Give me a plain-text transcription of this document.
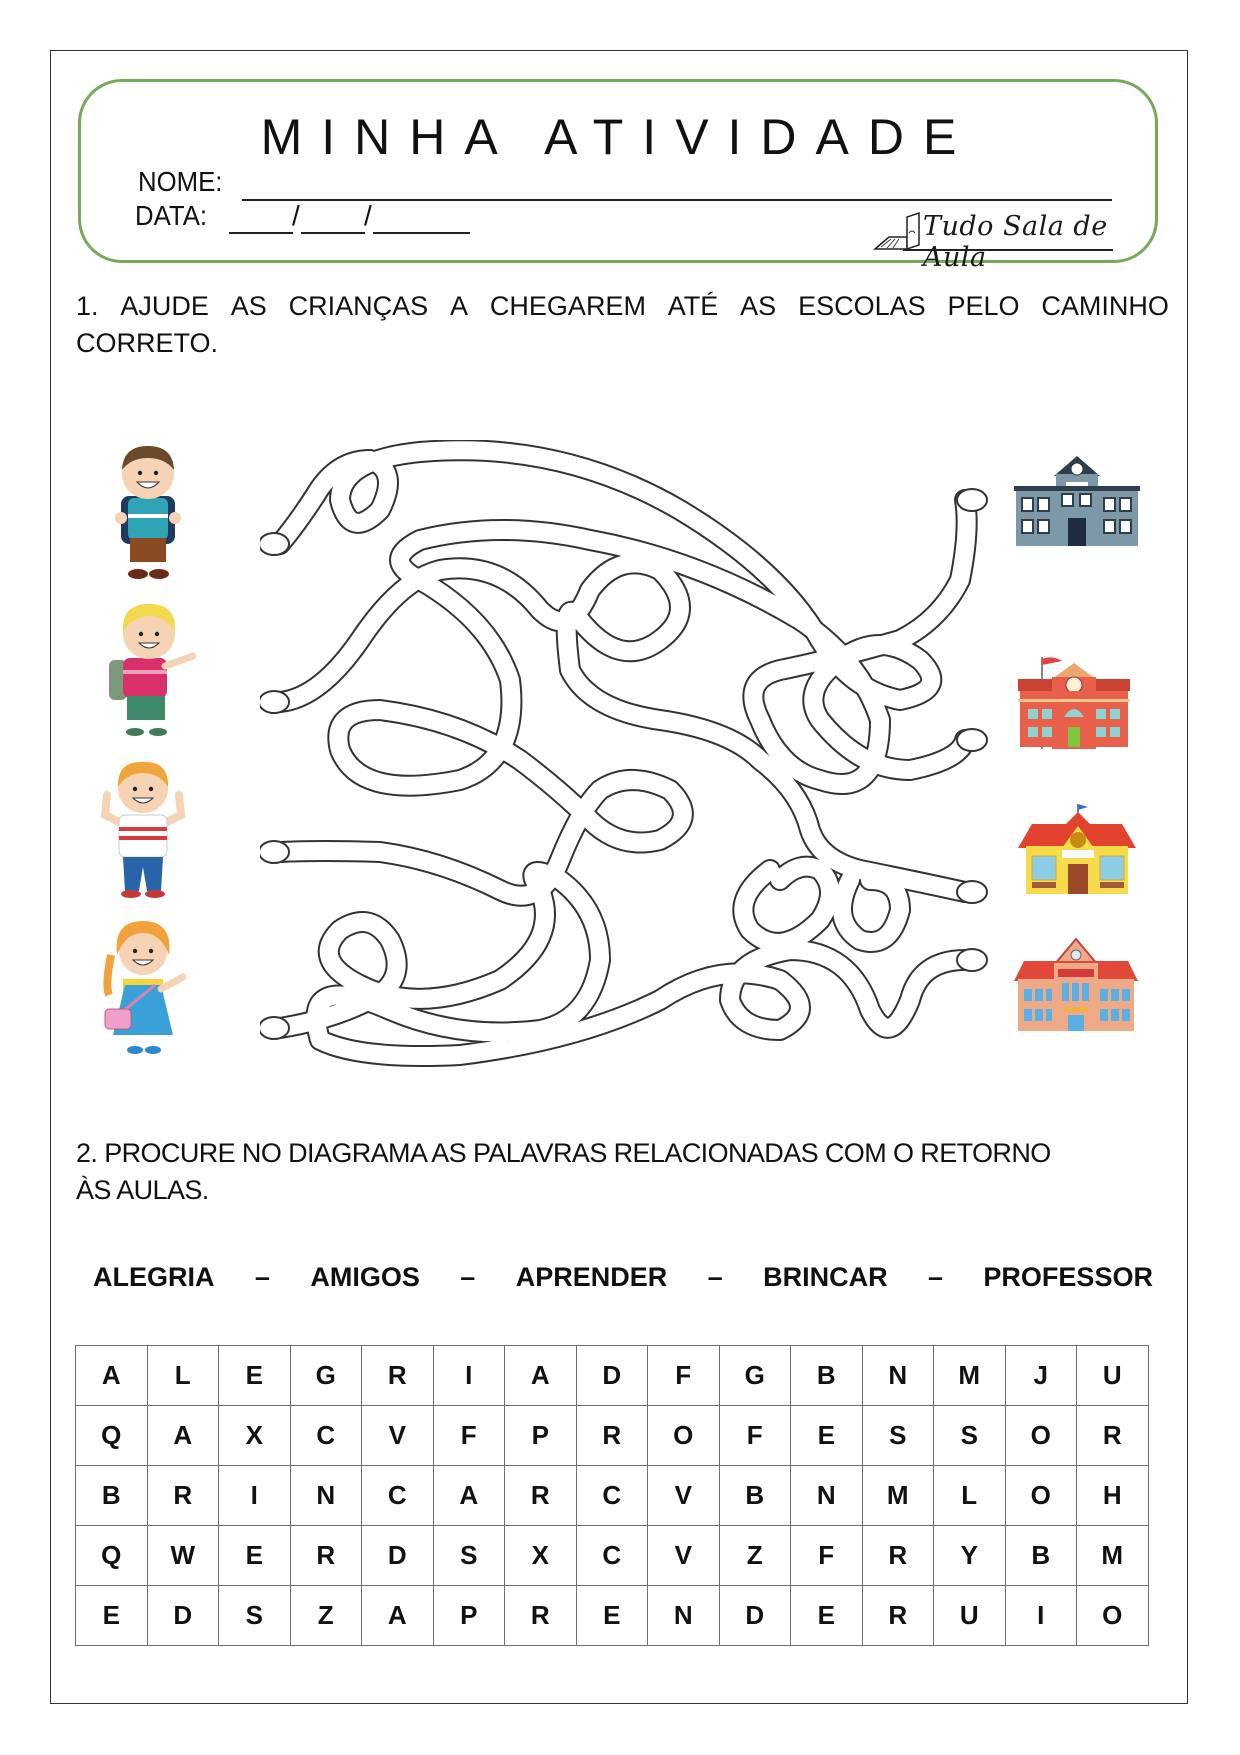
MINHA ATIVIDADE
NOME:
DATA:	/ /	Tudo Sala de Aula
1. AJUDE AS CRIANÇAS A CHEGAREM ATÉ AS ESCOLAS PELO CAMINHO
CORRETO.
2. PROCURE NO DIAGRAMA AS PALAVRAS RELACIONADAS COM O RETORNO
ÀS AULAS.
ALEGRIA – AMIGOS – APRENDER – BRINCAR – PROFESSOR
A	L	E	G	R	I	A	D	F	G	B	N	M	J	U
Q	A	X	C	V	F	P	R	O	F	E	S	S	O	R
B	R	I	N	C	A	R	C	V	B	N	M	L	O	H
Q	W	E	R	D	S	X	C	V	Z	F	R	Y	B	M
E	D	S	Z	A	P	R	E	N	D	E	R	U	I	O
